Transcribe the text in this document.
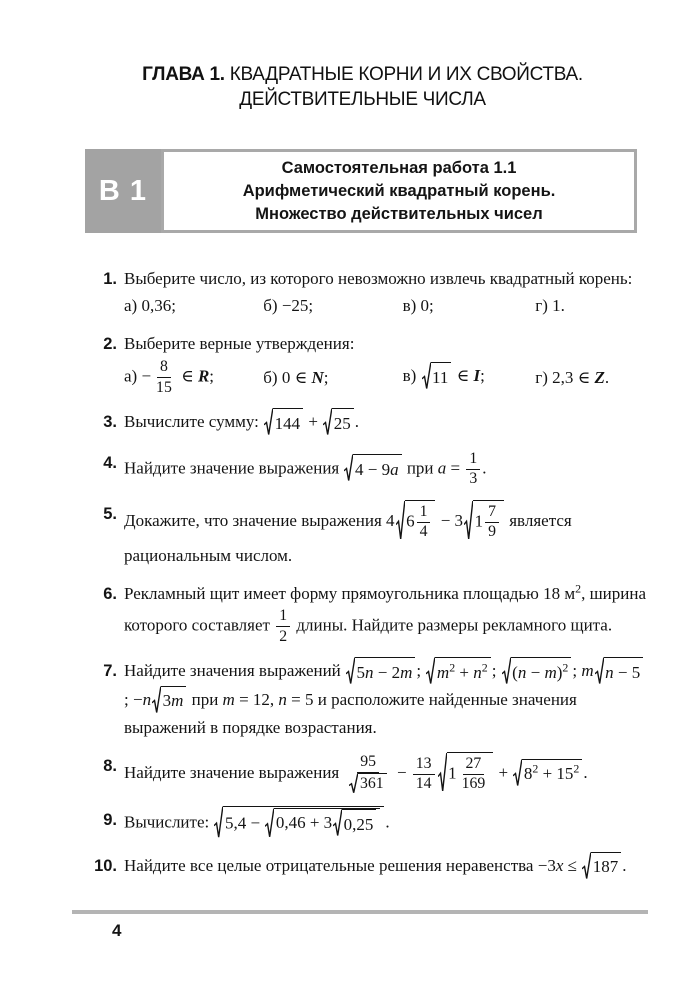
ГЛАВА 1. КВАДРАТНЫЕ КОРНИ И ИХ СВОЙСТВА.
ДЕЙСТВИТЕЛЬНЫЕ ЧИСЛА
В 1
Самостоятельная работа 1.1
Арифметический квадратный корень.
Множество действительных чисел
1. Выберите число, из которого невозможно извлечь квадратный корень:
а) 0,36;	б) −25;	в) 0;	г) 1.
2. Выберите верные утверждения:
$а) - \frac{8}{15}$ ∈ R;	б) 0 ∈ N;	в) 11 ∈ I;	г) 2,3 ∈ Z.
3. Вычислите сумму: 144 + 25 .
4. Найдите значение выражения 4 − 9a при $a = \frac{1}{3}$ .
5. Докажите, что значение выражения 4 $6 \frac{1}{4} - 3$ $1 \frac{7}{9}$ является рациональным числом.
6. Рекламный щит имеет форму прямоугольника площадью 18 $м^2$, ширина которого составляет $\frac{1}{2}$ длины. Найдите размеры рекламного щита.
7. Найдите значения выражений 5n − 2m ; $m^2 + n^2$ ; $(n - m)^2$ ; m n − 5
; −n 3m при m = 12, n = 5 и расположите найденные значения выражений в порядке возрастания.
8. Найдите значение выражения $\frac{95}{361} - \frac{13}{14} 1 \frac{27}{169} + 8^2 + 15^2$ .
9. Вычислите: 5,4 − 0,46 + 3 0,25 .
10. Найдите все целые отрицательные решения неравенства −3x ≤ 187 .
4
